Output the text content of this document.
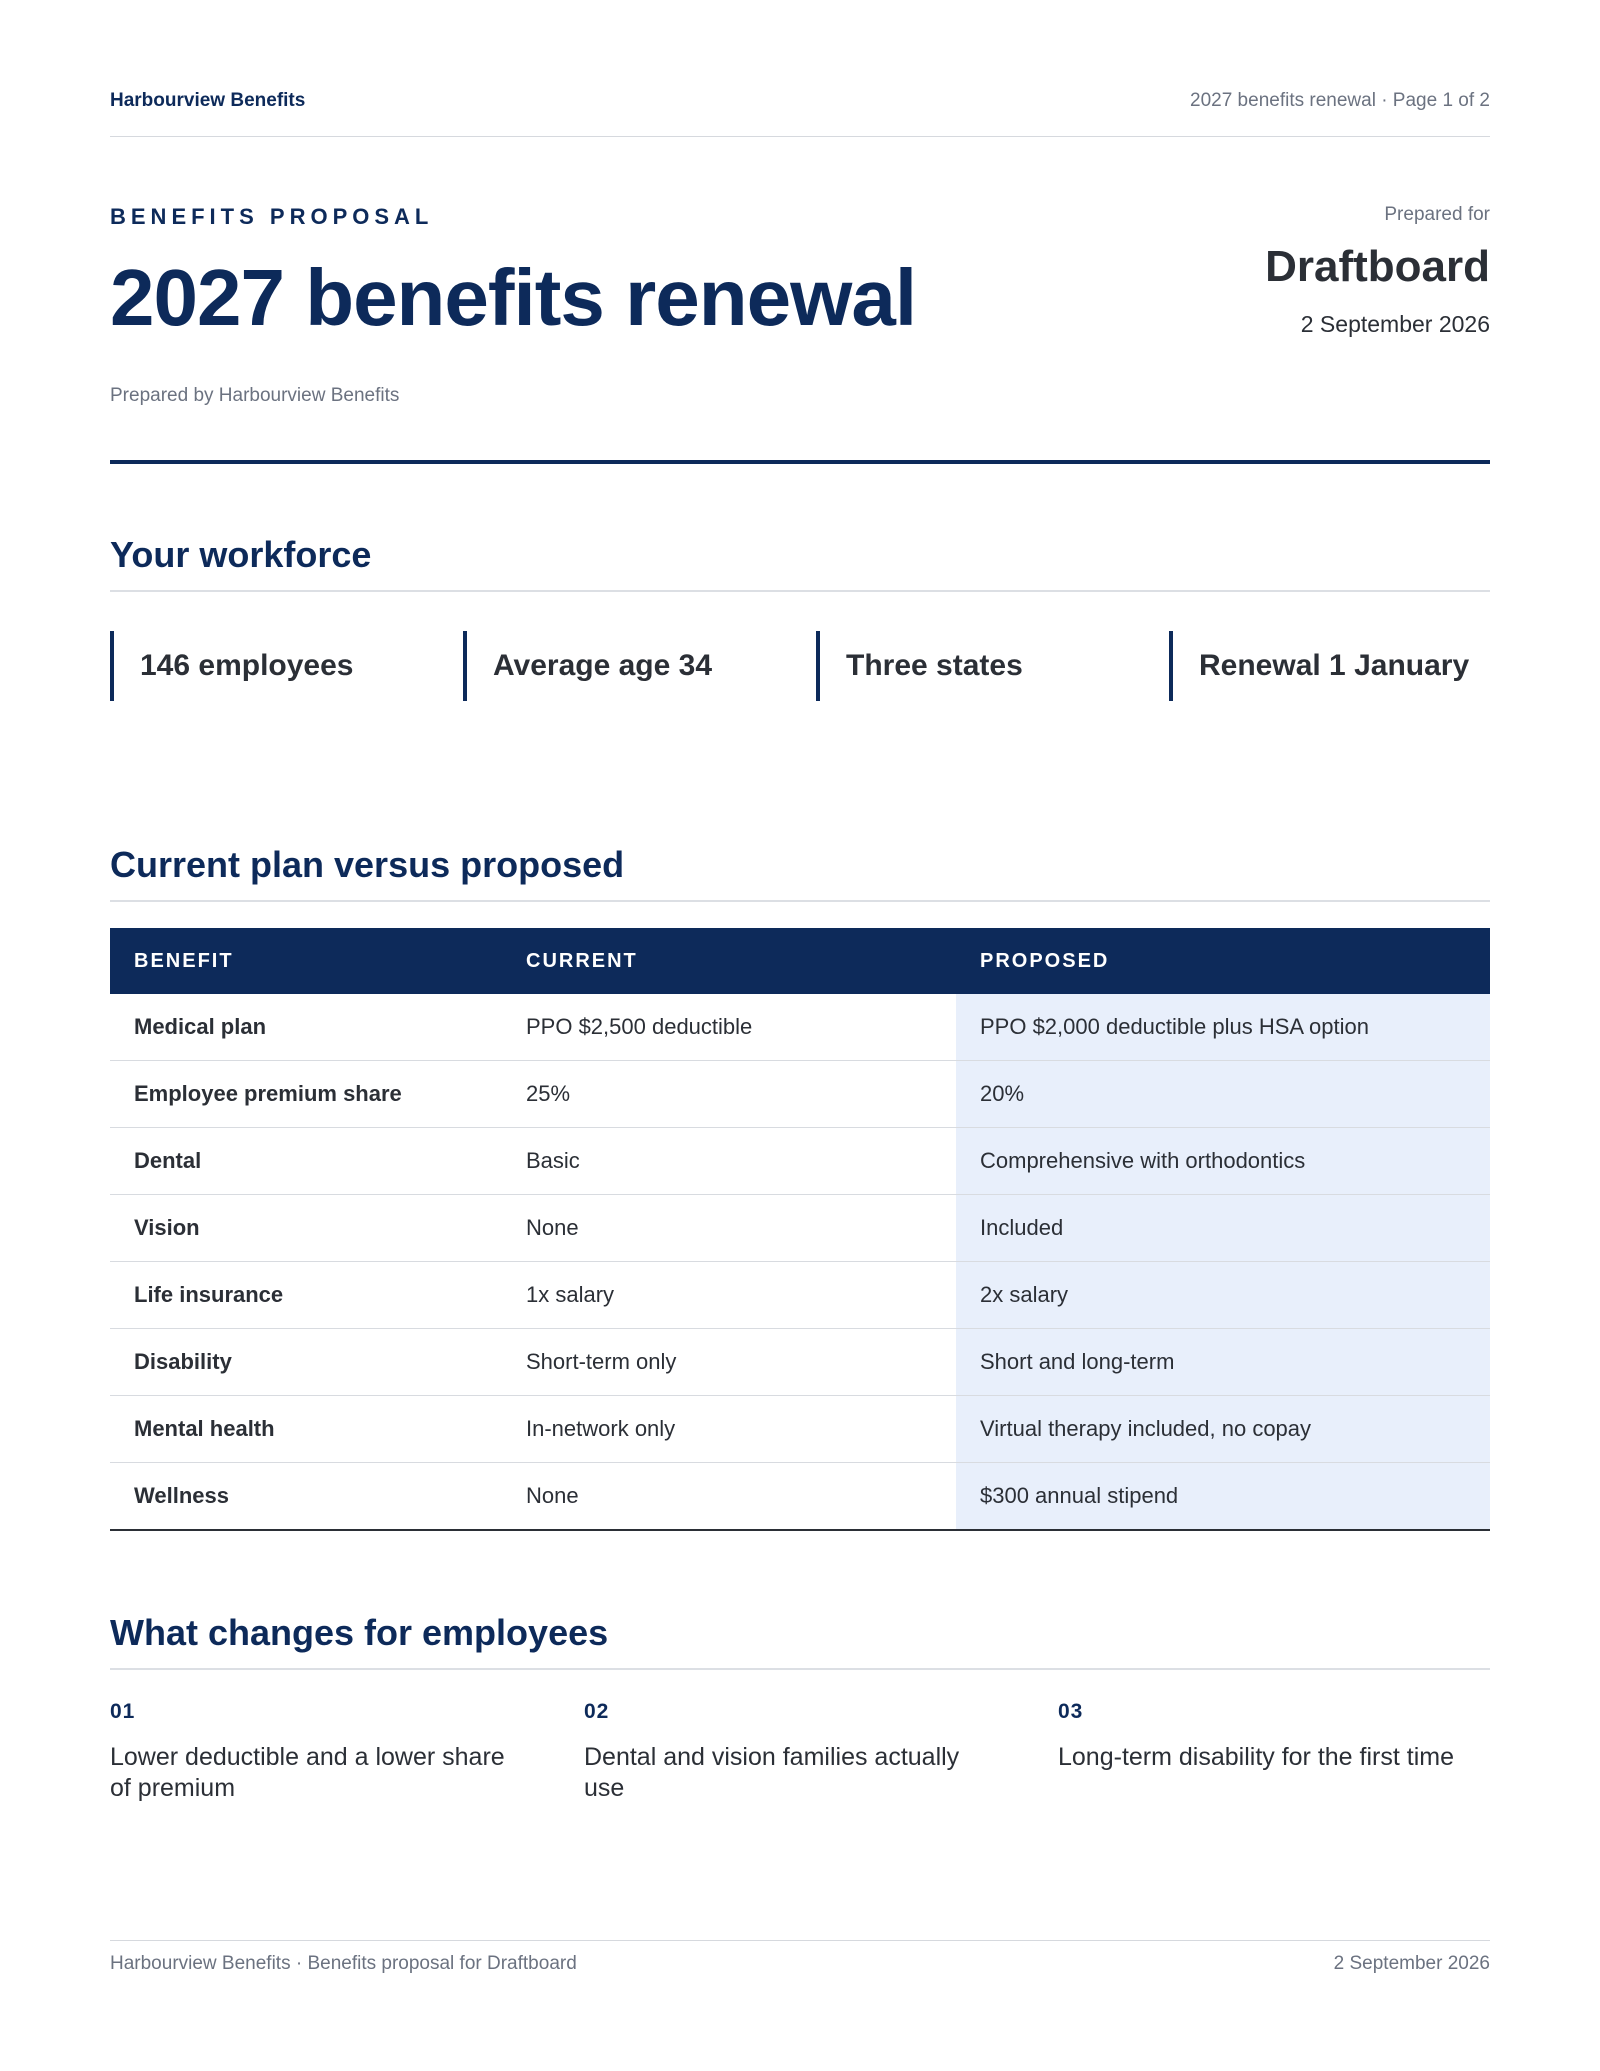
Harbourview Benefits	2027 benefits renewal · Page 1 of 2
BENEFITS PROPOSAL
2027 benefits renewal
Prepared by Harbourview Benefits
Prepared for
Draftboard
2 September 2026
Your workforce
146 employees	Average age 34	Three states	Renewal 1 January
Current plan versus proposed
BENEFIT	CURRENT	PROPOSED
Medical plan	PPO $2,500 deductible	PPO $2,000 deductible plus HSA option
Employee premium share	25%	20%
Dental	Basic	Comprehensive with orthodontics
Vision	None	Included
Life insurance	1x salary	2x salary
Disability	Short-term only	Short and long-term
Mental health	In-network only	Virtual therapy included, no copay
Wellness	None	$300 annual stipend
What changes for employees
01
Lower deductible and a lower share of premium
02
Dental and vision families actually use
03
Long-term disability for the first time
Harbourview Benefits · Benefits proposal for Draftboard	2 September 2026
